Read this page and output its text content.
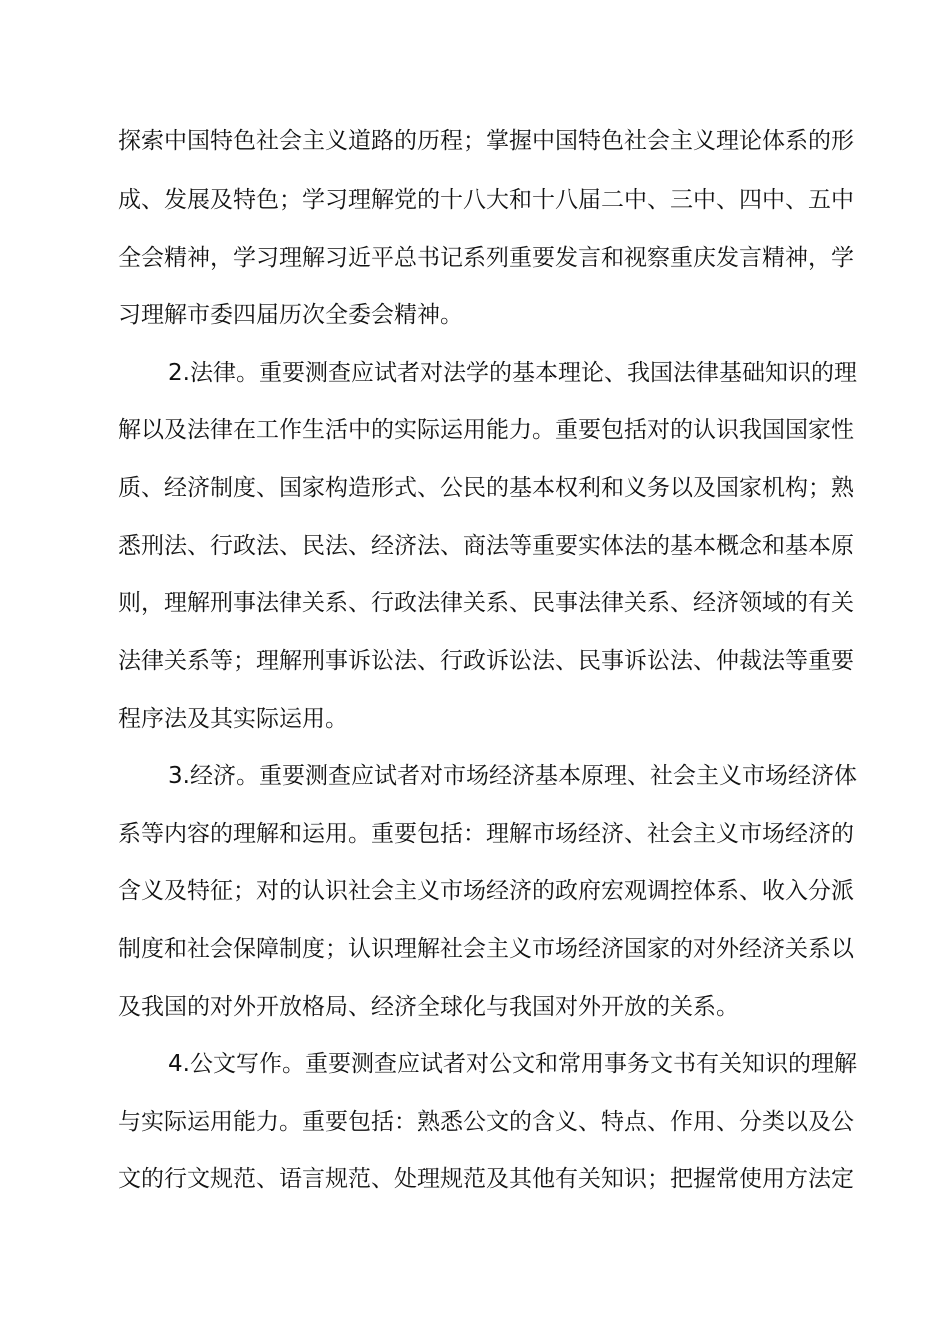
探索中国特色社会主义道路的历程；掌握中国特色社会主义理论体系的形
成、发展及特色；学习理解党的十八大和十八届二中、三中、四中、五中
全会精神，学习理解习近平总书记系列重要发言和视察重庆发言精神，学
习理解市委四届历次全委会精神。
2.法律。重要测查应试者对法学的基本理论、我国法律基础知识的理
解以及法律在工作生活中的实际运用能力。重要包括对的认识我国国家性
质、经济制度、国家构造形式、公民的基本权利和义务以及国家机构；熟
悉刑法、行政法、民法、经济法、商法等重要实体法的基本概念和基本原
则，理解刑事法律关系、行政法律关系、民事法律关系、经济领域的有关
法律关系等；理解刑事诉讼法、行政诉讼法、民事诉讼法、仲裁法等重要
程序法及其实际运用。
3.经济。重要测查应试者对市场经济基本原理、社会主义市场经济体
系等内容的理解和运用。重要包括：理解市场经济、社会主义市场经济的
含义及特征；对的认识社会主义市场经济的政府宏观调控体系、收入分派
制度和社会保障制度；认识理解社会主义市场经济国家的对外经济关系以
及我国的对外开放格局、经济全球化与我国对外开放的关系。
4.公文写作。重要测查应试者对公文和常用事务文书有关知识的理解
与实际运用能力。重要包括：熟悉公文的含义、特点、作用、分类以及公
文的行文规范、语言规范、处理规范及其他有关知识；把握常使用方法定
